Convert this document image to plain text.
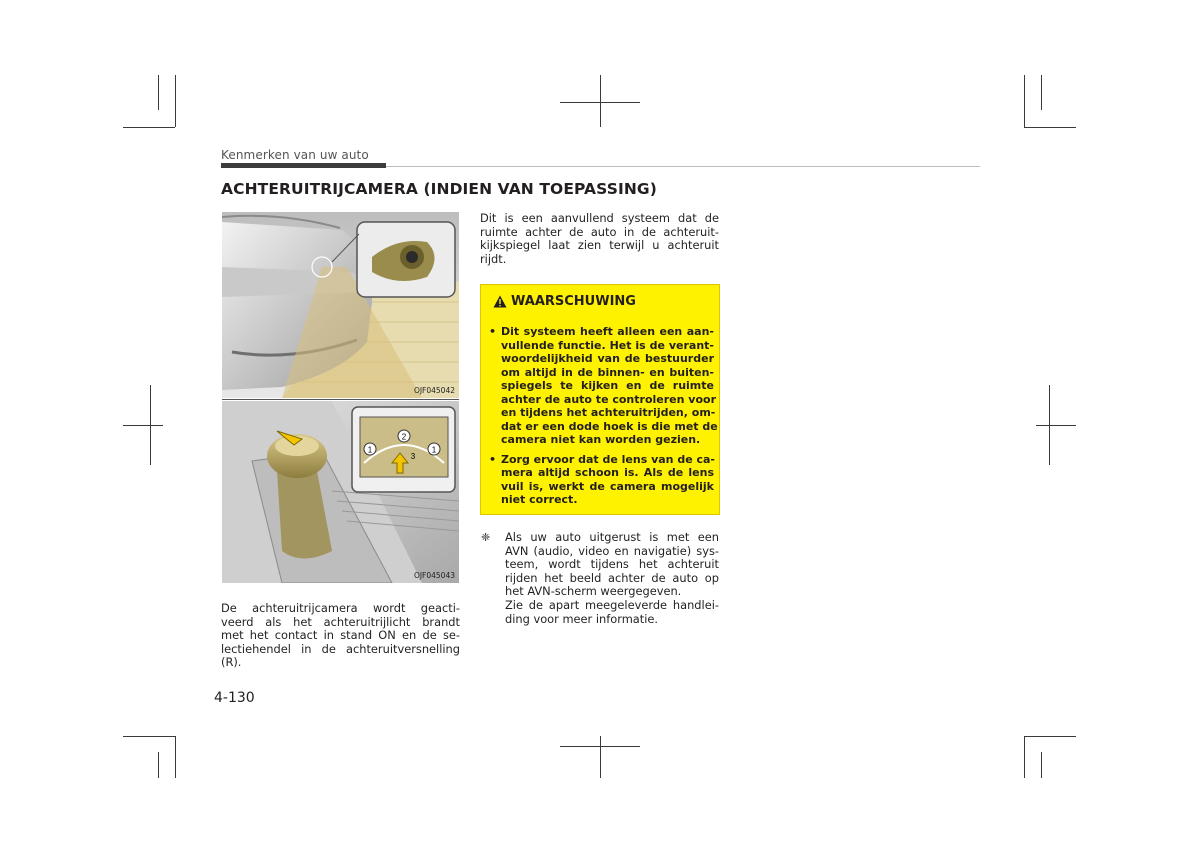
Kenmerken van uw auto
ACHTERUITRIJCAMERA (INDIEN VAN TOEPASSING)
OJF045042
1
2
1
3
OJF045043
De achteruitrijcamera wordt geacti-
veerd als het achteruitrijlicht brandt
met het contact in stand ON en de se-
lectiehendel in de achteruitversnelling
(R).
Dit is een aanvullend systeem dat de
ruimte achter de auto in de achteruit-
kijkspiegel laat zien terwijl u achteruit
rijdt.
WAARSCHUWING
• Dit systeem heeft alleen een aan-
vullende functie. Het is de verant-
woordelijkheid van de bestuurder
om altijd in de binnen- en buiten-
spiegels te kijken en de ruimte
achter de auto te controleren voor
en tijdens het achteruitrijden, om-
dat er een dode hoek is die met de
camera niet kan worden gezien.
• Zorg ervoor dat de lens van de ca-
mera altijd schoon is. Als de lens
vuil is, werkt de camera mogelijk
niet correct.
❈ Als uw auto uitgerust is met een
AVN (audio, video en navigatie) sys-
teem, wordt tijdens het achteruit
rijden het beeld achter de auto op
het AVN-scherm weergegeven.
Zie de apart meegeleverde handlei-
ding voor meer informatie.
4-130
